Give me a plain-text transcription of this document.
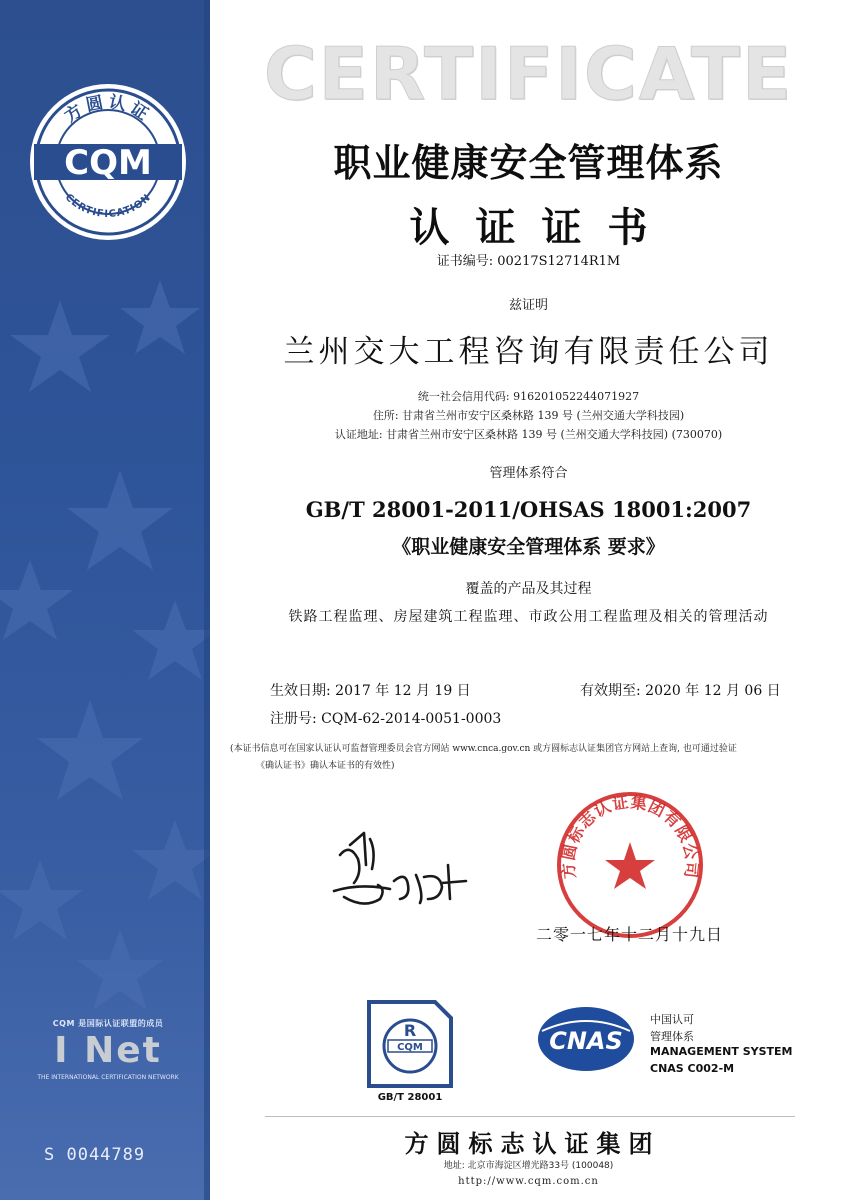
方圆认证
CQM
CERTIFICATION
CQM 是国际认证联盟的成员
I Net
THE INTERNATIONAL CERTIFICATION NETWORK
S 0044789
CERTIFICATE
职业健康安全管理体系
认证证书
证书编号: 00217S12714R1M
兹证明
兰州交大工程咨询有限责任公司
统一社会信用代码: 916201052244071927
住所: 甘肃省兰州市安宁区桑林路 139 号 (兰州交通大学科技园)
认证地址: 甘肃省兰州市安宁区桑林路 139 号 (兰州交通大学科技园) (730070)
管理体系符合
GB/T 28001-2011/OHSAS 18001:2007
《职业健康安全管理体系 要求》
覆盖的产品及其过程
铁路工程监理、房屋建筑工程监理、市政公用工程监理及相关的管理活动
生效日期: 2017 年 12 月 19 日	有效期至: 2020 年 12 月 06 日
注册号: CQM-62-2014-0051-0003
(本证书信息可在国家认证认可监督管理委员会官方网站 www.cnca.gov.cn 或方圆标志认证集团官方网站上查询, 也可通过验证
《确认证书》确认本证书的有效性)
方圆标志认证集团有限公司
二零一七年十二月十九日
R
CQM
GB/T 28001
CNAS
中国认可
管理体系
MANAGEMENT SYSTEM
CNAS C002-M
方圆标志认证集团
地址: 北京市海淀区增光路33号 (100048)
http://www.cqm.com.cn
